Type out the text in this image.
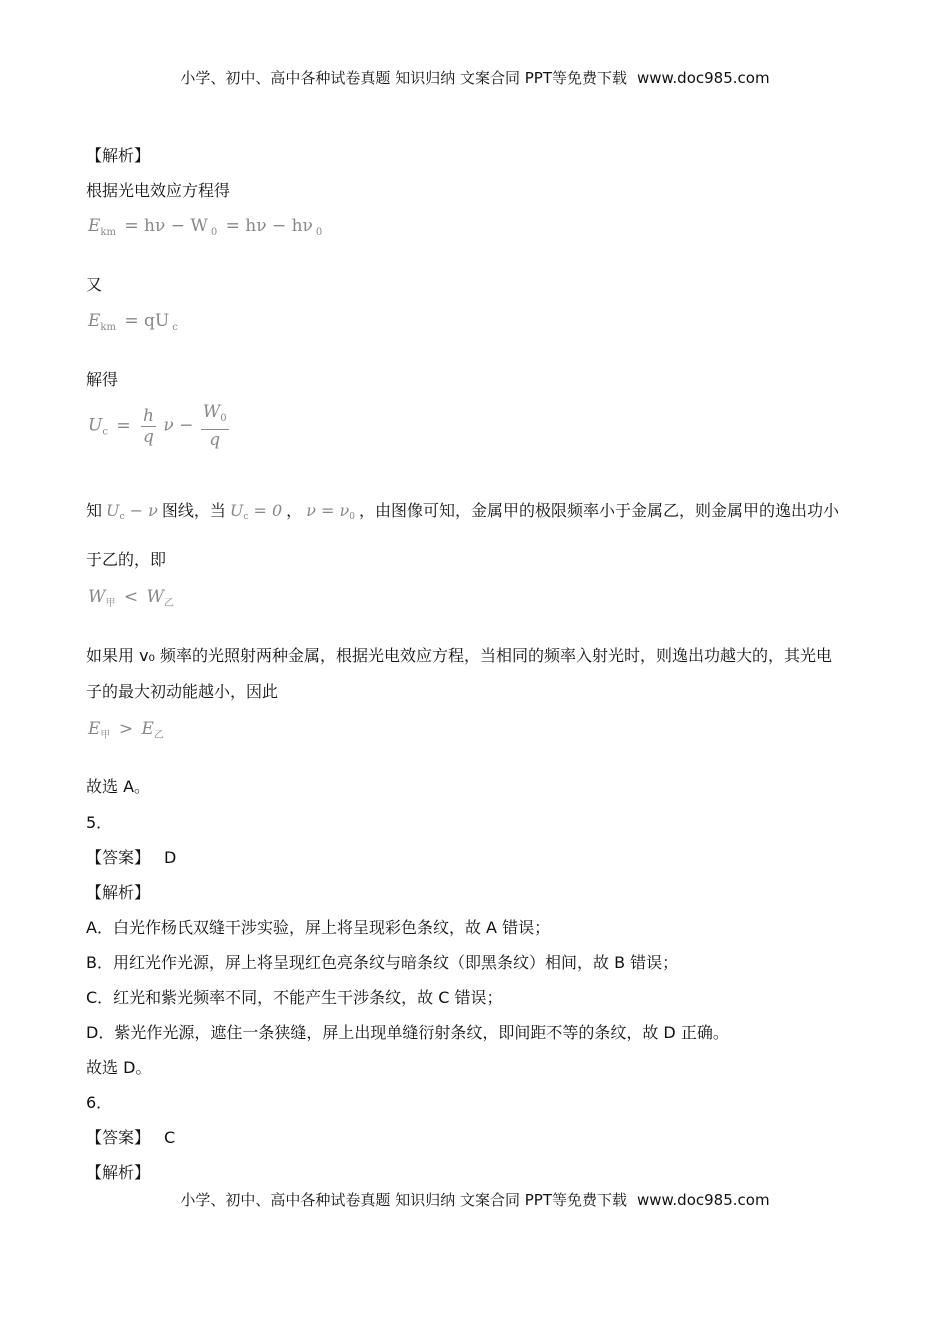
小学、初中、高中各种试卷真题 知识归纳 文案合同 PPT等免费下载 www.doc985.com
【解析】
根据光电效应方程得
$E_{km} = h\nu - W$ $_0$ = hν − hν $_0$
又
$E_{km}$ = qU $_c$
解得
$U_c = \frac{h}{q}$ $\nu - \frac{W_0}{q}$
知 $U_c - \nu$ 图线，当 $U_c = 0$ ， $\nu = \nu_0$ ，由图像可知，金属甲的极限频率小于金属乙，则金属甲的逸出功小
于乙的，即
$W_甲 < W_乙$
如果用 v₀ 频率的光照射两种金属，根据光电效应方程，当相同的频率入射光时，则逸出功越大的，其光电
子的最大初动能越小，因此
$E_甲 > E_乙$
故选 A。
5．
【答案】 D
【解析】
A．白光作杨氏双缝干涉实验，屏上将呈现彩色条纹，故 A 错误；
B．用红光作光源，屏上将呈现红色亮条纹与暗条纹（即黑条纹）相间，故 B 错误；
C．红光和紫光频率不同，不能产生干涉条纹，故 C 错误；
D．紫光作光源，遮住一条狭缝，屏上出现单缝衍射条纹，即间距不等的条纹，故 D 正确。
故选 D。
6．
【答案】 C
【解析】
小学、初中、高中各种试卷真题 知识归纳 文案合同 PPT等免费下载 www.doc985.com
